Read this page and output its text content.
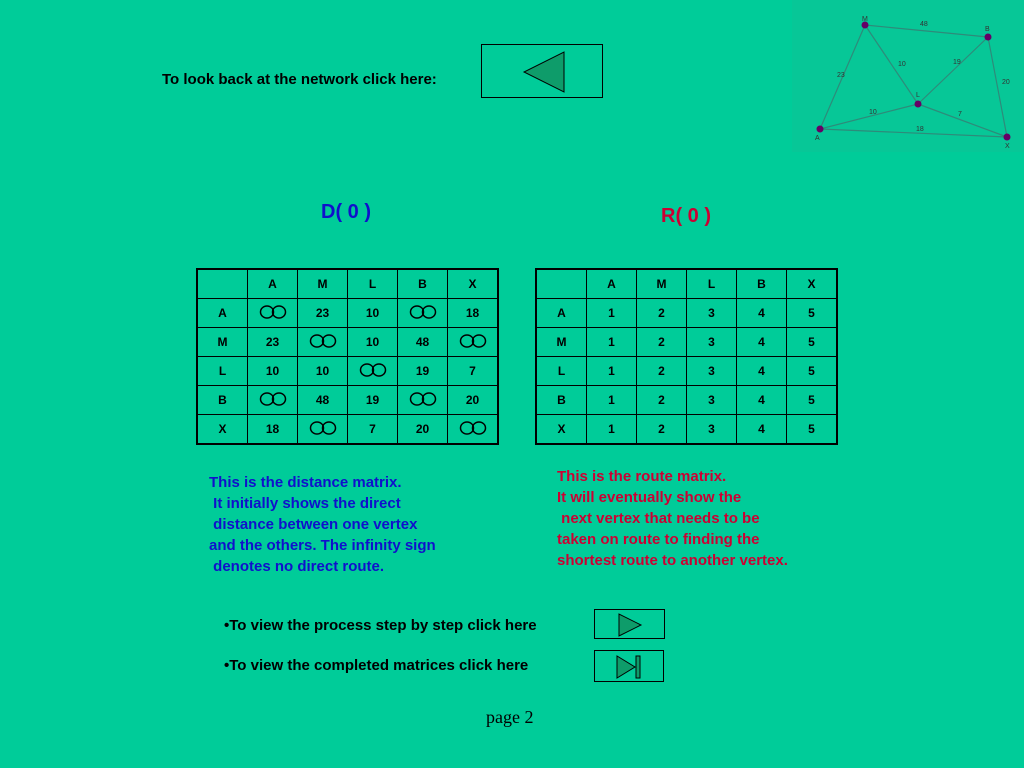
To look back at the network click here:
48
23
10	19
20
10	7
18
M
B
L
A
X
D( 0 )	R( 0 )
	A	M	L	B	X
A		23	10		18
M	23		10	48	
L	10	10		19	7
B		48	19		20
X	18		7	20	
	A	M	L	B	X
A	1	2	3	4	5
M	1	2	3	4	5
L	1	2	3	4	5
B	1	2	3	4	5
X	1	2	3	4	5
This is the distance matrix.
It initially shows the direct
distance between one vertex
and the others. The infinity sign
denotes no direct route.
This is the route matrix.
It will eventually show the
next vertex that needs to be
taken on route to finding the
shortest route to another vertex.
•To view the process step by step click here
•To view the completed matrices click here
page 2
